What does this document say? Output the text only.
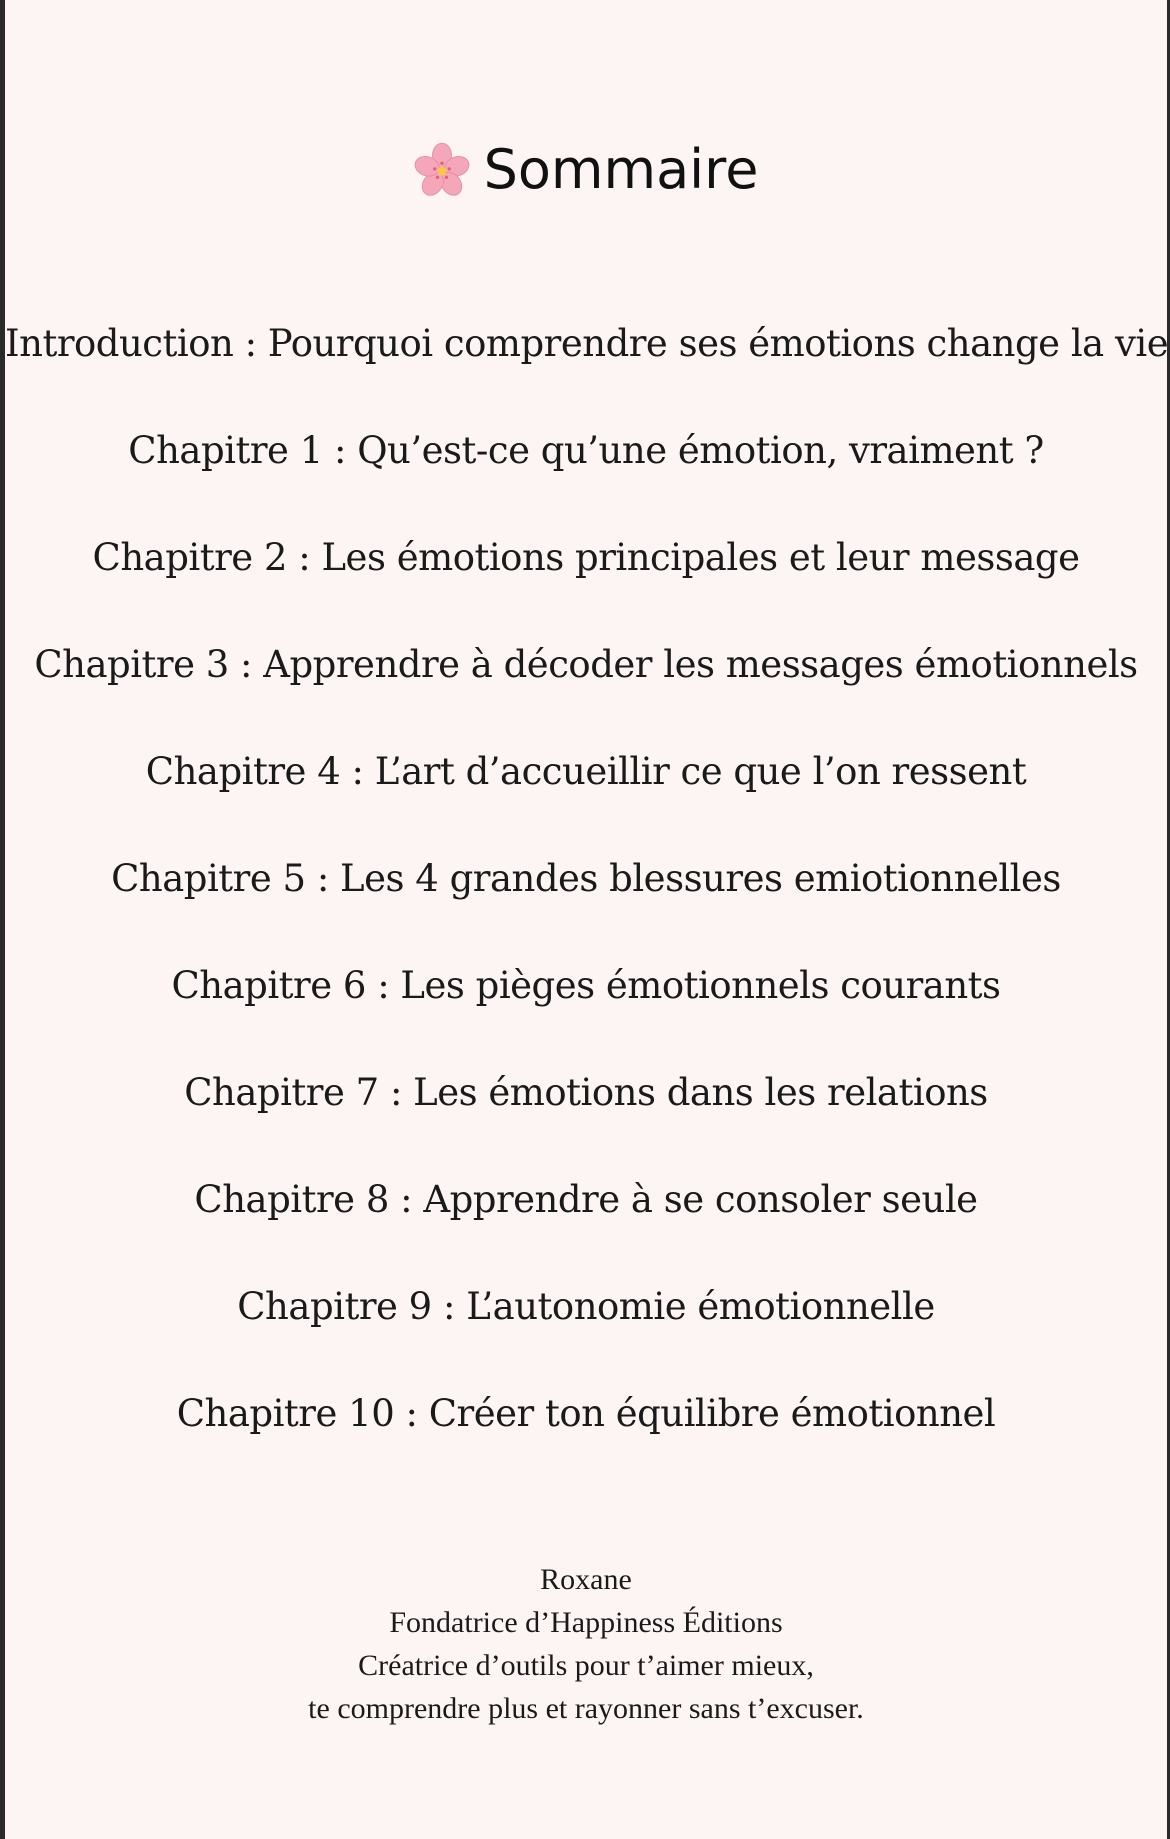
Sommaire
Introduction : Pourquoi comprendre ses émotions change la vie
Chapitre 1 : Qu’est-ce qu’une émotion, vraiment ?
Chapitre 2 : Les émotions principales et leur message
Chapitre 3 : Apprendre à décoder les messages émotionnels
Chapitre 4 : L’art d’accueillir ce que l’on ressent
Chapitre 5 : Les 4 grandes blessures emiotionnelles
Chapitre 6 : Les pièges émotionnels courants
Chapitre 7 : Les émotions dans les relations
Chapitre 8 : Apprendre à se consoler seule
Chapitre 9 : L’autonomie émotionnelle
Chapitre 10 : Créer ton équilibre émotionnel
Roxane
Fondatrice d’Happiness Éditions
Créatrice d’outils pour t’aimer mieux,
te comprendre plus et rayonner sans t’excuser.
